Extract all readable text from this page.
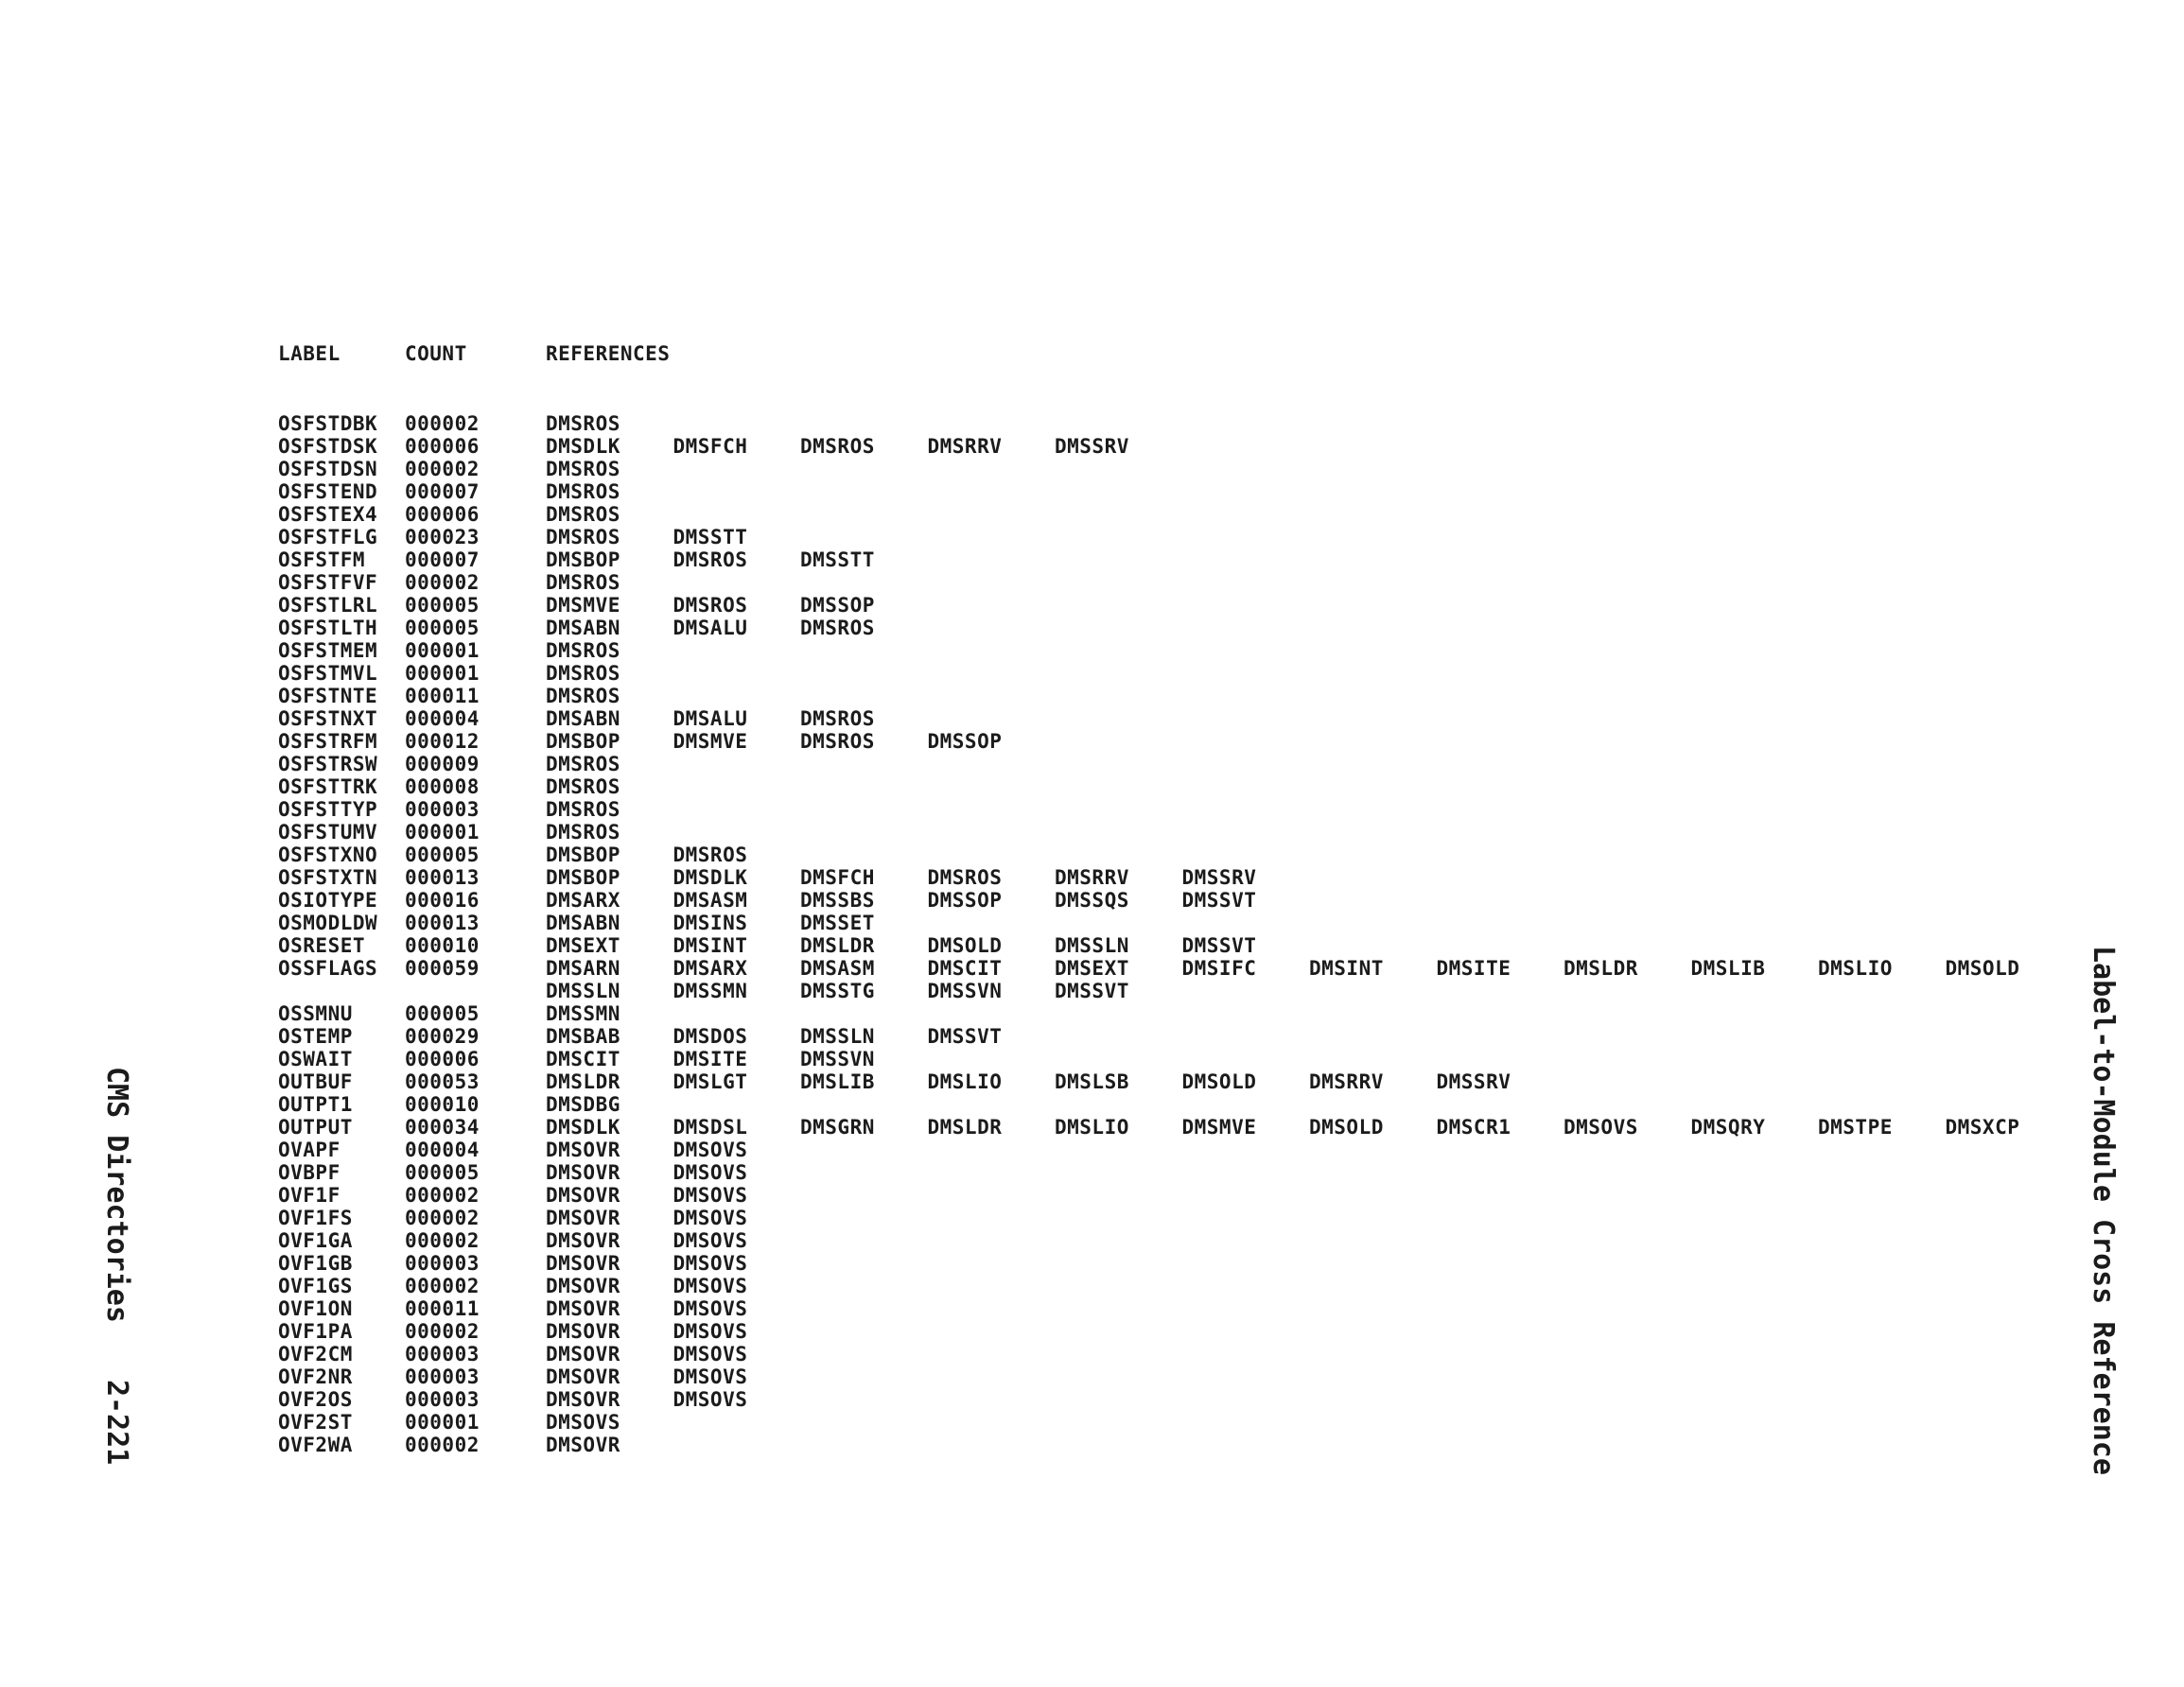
LABEL	COUNT	REFERENCES
OSFSTDBK 000002	DMSROS
OSFSTDSK 000006	DMSDLK	DMSFCH	DMSROS	DMSRRV	DMSSRV
OSFSTDSN 000002	DMSROS
OSFSTEND 000007	DMSROS
OSFSTEX4 000006	DMSROS
OSFSTFLG 000023	DMSROS	DMSSTT
OSFSTFM 000007	DMSBOP	DMSROS	DMSSTT
OSFSTFVF 000002	DMSROS
OSFSTLRL 000005	DMSMVE	DMSROS	DMSSOP
OSFSTLTH 000005	DMSABN	DMSALU	DMSROS
OSFSTMEM 000001	DMSROS
OSFSTMVL 000001	DMSROS
OSFSTNTE 000011	DMSROS
OSFSTNXT 000004	DMSABN	DMSALU	DMSROS
OSFSTRFM 000012	DMSBOP	DMSMVE	DMSROS	DMSSOP
OSFSTRSW 000009	DMSROS
OSFSTTRK 000008	DMSROS
OSFSTTYP 000003	DMSROS
OSFSTUMV 000001	DMSROS
OSFSTXNO 000005	DMSBOP	DMSROS
OSFSTXTN 000013	DMSBOP	DMSDLK	DMSFCH	DMSROS	DMSRRV	DMSSRV
OSIOTYPE 000016	DMSARX	DMSASM	DMSSBS	DMSSOP	DMSSQS	DMSSVT
OSMODLDW 000013	DMSABN	DMSINS	DMSSET
OSRESET 000010	DMSEXT	DMSINT	DMSLDR	DMSOLD	DMSSLN	DMSSVT
OSSFLAGS 000059	DMSARN	DMSARX	DMSASM	DMSCIT	DMSEXT	DMSIFC	DMSINT	DMSITE	DMSLDR	DMSLIB	DMSLIO	DMSOLD
DMSSLN	DMSSMN	DMSSTG	DMSSVN	DMSSVT
OSSMNU	000005	DMSSMN
OSTEMP	000029	DMSBAB	DMSDOS	DMSSLN	DMSSVT
OSWAIT	000006	DMSCIT	DMSITE	DMSSVN
OUTBUF	000053	DMSLDR	DMSLGT	DMSLIB	DMSLIO	DMSLSB	DMSOLD	DMSRRV	DMSSRV
OUTPT1	000010	DMSDBG
OUTPUT	000034	DMSDLK	DMSDSL	DMSGRN	DMSLDR	DMSLIO	DMSMVE	DMSOLD	DMSCR1	DMSOVS	DMSQRY	DMSTPE	DMSXCP
OVAPF	000004	DMSOVR	DMSOVS
OVBPF	000005	DMSOVR	DMSOVS
OVF1F	000002	DMSOVR	DMSOVS
OVF1FS	000002	DMSOVR	DMSOVS
OVF1GA	000002	DMSOVR	DMSOVS
OVF1GB	000003	DMSOVR	DMSOVS
OVF1GS	000002	DMSOVR	DMSOVS
OVF1ON	000011	DMSOVR	DMSOVS
OVF1PA	000002	DMSOVR	DMSOVS
OVF2CM	000003	DMSOVR	DMSOVS
OVF2NR	000003	DMSOVR	DMSOVS
OVF2OS	000003	DMSOVR	DMSOVS
OVF2ST	000001	DMSOVS
OVF2WA	000002	DMSOVR
CMS Directories
2-221	Label-to-Module Cross Reference
